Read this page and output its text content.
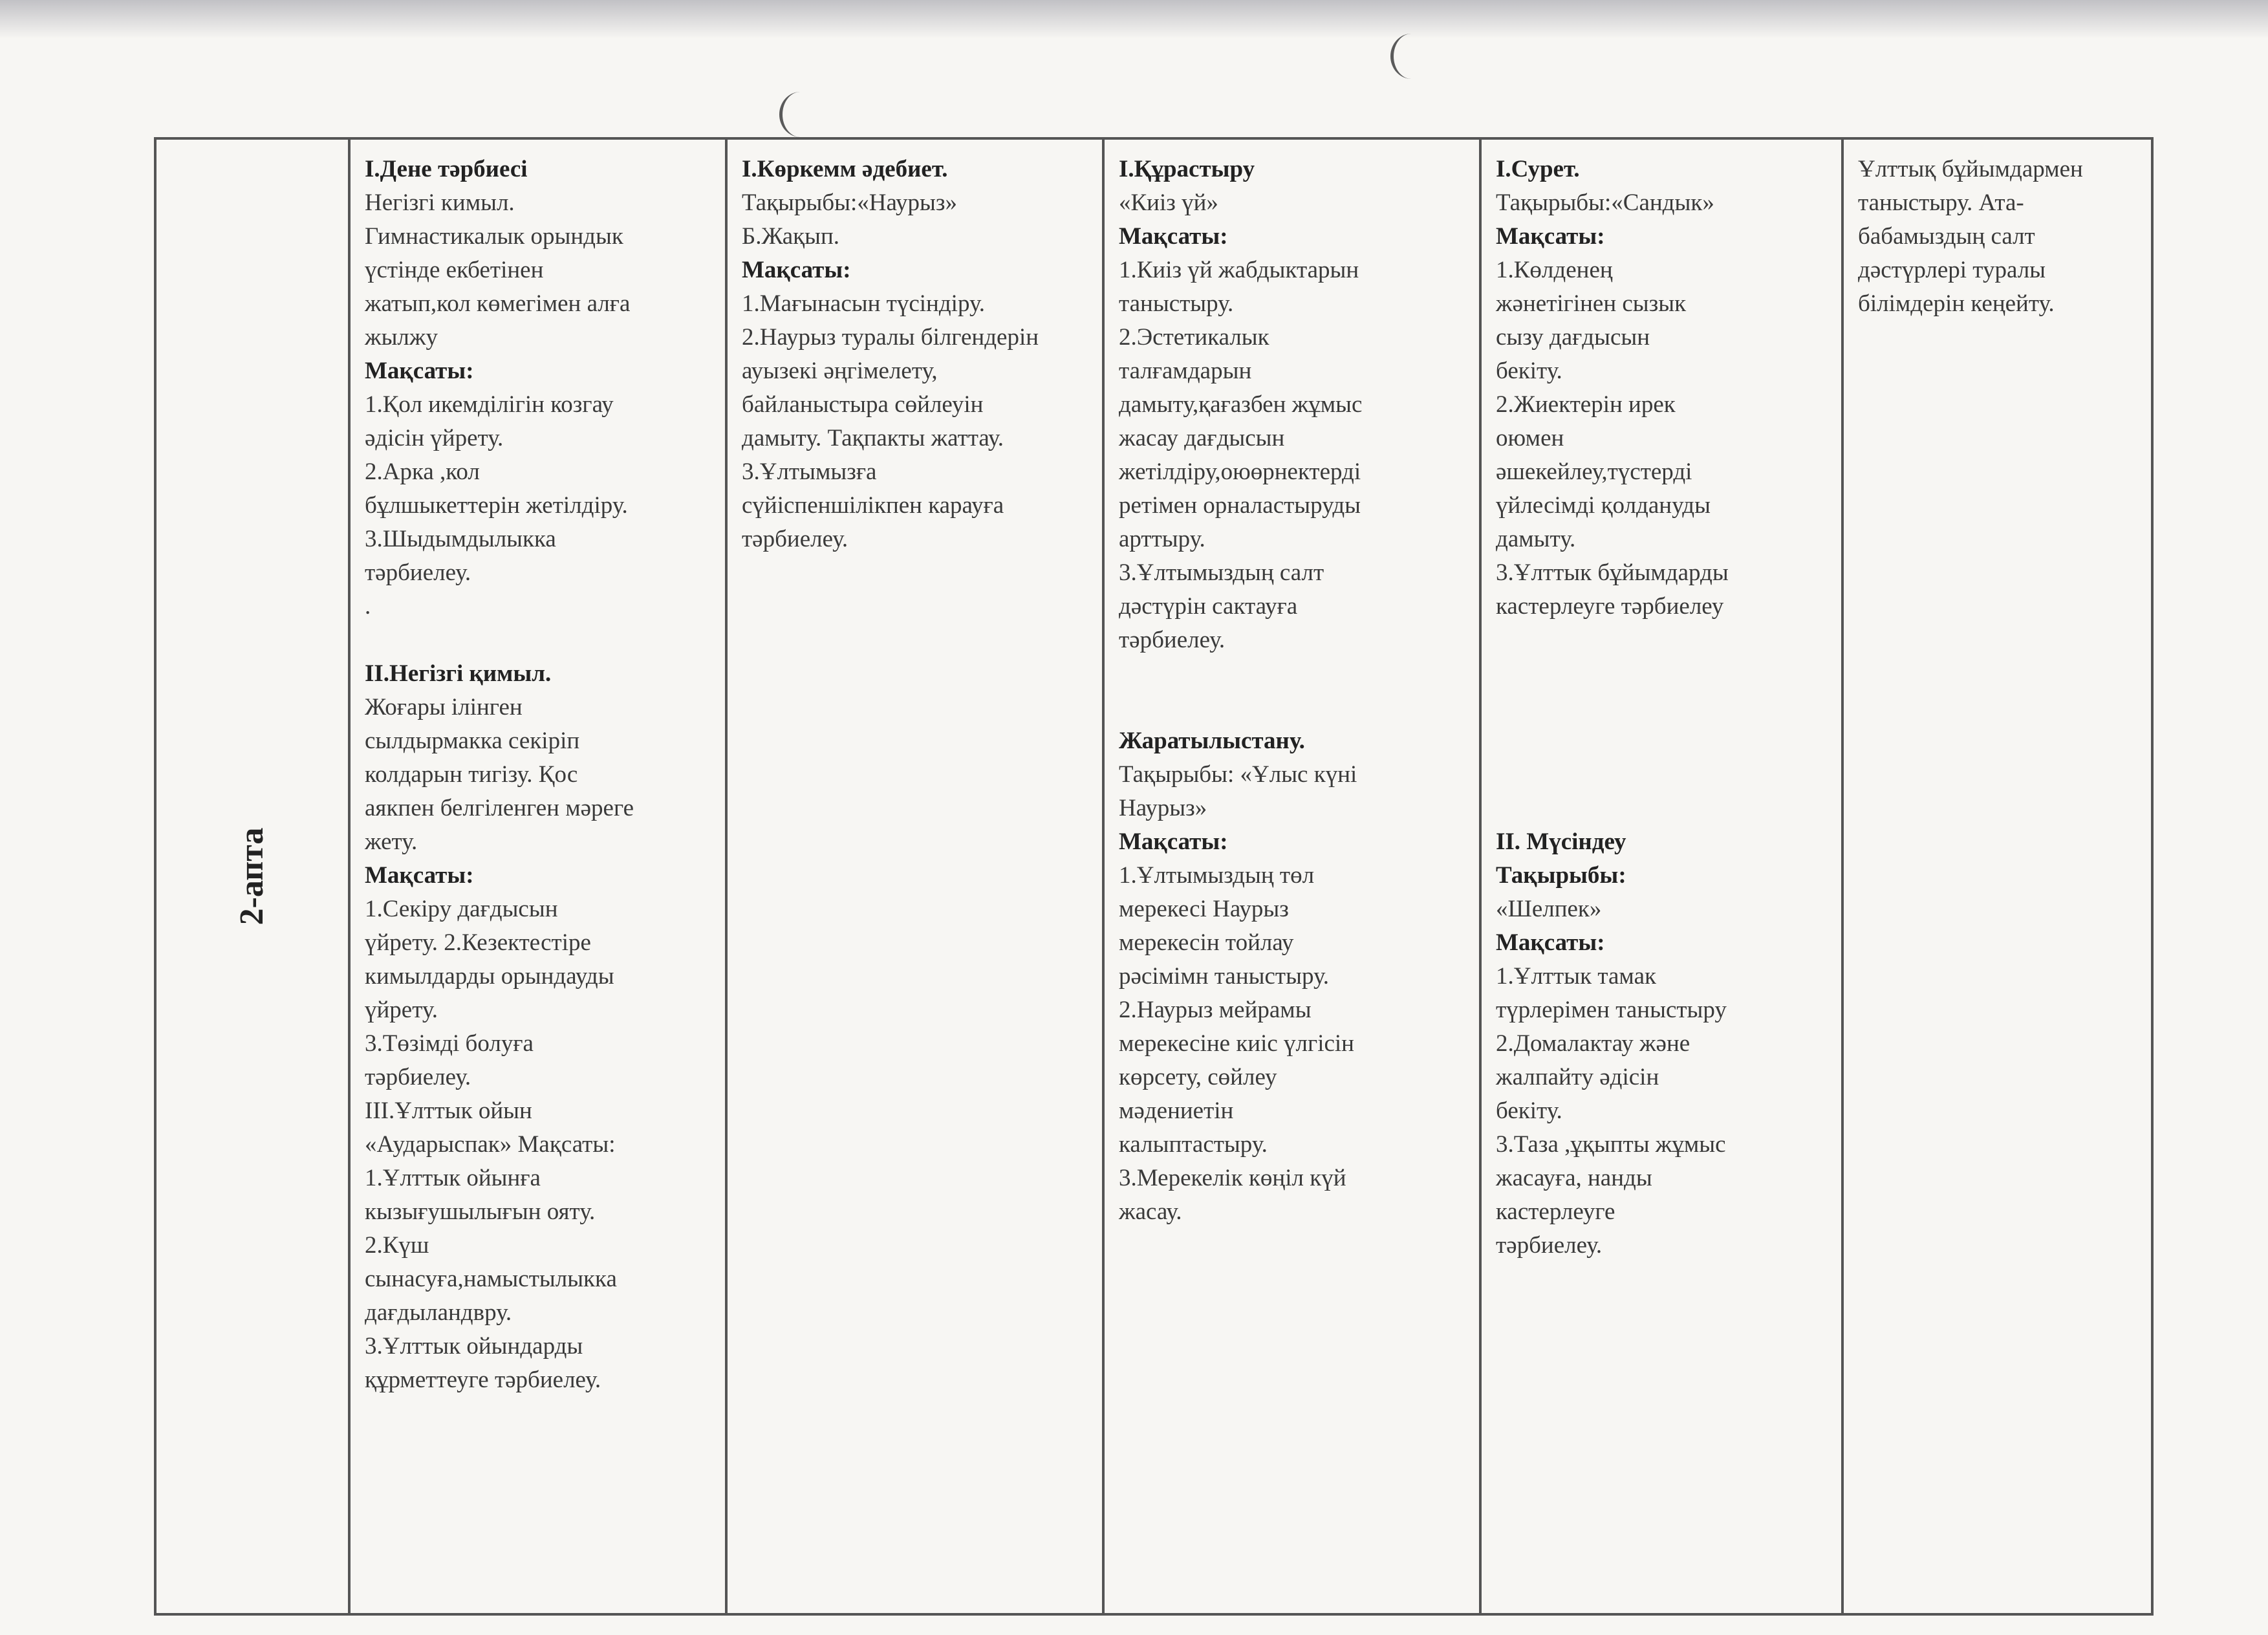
2-апта

І.Дене тәрбиесі
Негізгі кимыл.
Гимнастикалык орындык
үстінде екбетінен
жатып,кол көмегімен алға
жылжу
Мақсаты:
1.Қол икемділігін козгау
әдісін үйрету.
2.Арка ,кол
бұлшыкеттерін жетілдіру.
3.Шыдымдылыкка
тәрбиелеу.
.
ІІ.Негізгі қимыл.
Жоғары ілінген
сылдырмакка секіріп
колдарын тигізу. Қос
аякпен белгіленген мәреге
жету.
Мақсаты:
1.Секіру дағдысын
үйрету. 2.Кезектестіре
кимылдарды орындауды
үйрету.
3.Төзімді болуға
тәрбиелеу.
ІІІ.Ұлттык ойын
«Аударыспак» Мақсаты:
1.Ұлттык ойынға
кызығушылығын ояту.
2.Күш
сынасуға,намыстылыкка
дағдыландвру.
3.Ұлттык ойындарды
құрметтеуге тәрбиелеу.

І.Көркемм әдебиет.
Тақырыбы:«Наурыз»
Б.Жақып.
Мақсаты:
1.Мағынасын түсіндіру.
2.Наурыз туралы білгендерін
ауызекі әңгімелету,
байланыстыра сөйлеуін
дамыту. Тақпакты жаттау.
3.Ұлтымызға
сүйіспеншілікпен карауға
тәрбиелеу.

І.Құрастыру
«Киіз үй»
Мақсаты:
1.Киіз үй жабдыктарын
таныстыру.
2.Эстетикалык
талғамдарын
дамыту,қағазбен жұмыс
жасау дағдысын
жетілдіру,оюөрнектерді
ретімен орналастыруды
арттыру.
3.Ұлтымыздың салт
дәстүрін сактауға
тәрбиелеу.
Жаратылыстану.
Тақырыбы: «Ұлыс күні
Наурыз»
Мақсаты:
1.Ұлтымыздың төл
мерекесі Наурыз
мерекесін тойлау
рәсімімн таныстыру.
2.Наурыз мейрамы
мерекесіне киіс үлгісін
көрсету, сөйлеу
мәдениетін
калыптастыру.
3.Мерекелік көңіл күй
жасау.

І.Сурет.
Тақырыбы:«Сандык»
Мақсаты:
1.Көлденең
жәнетігінен сызык
сызу дағдысын
бекіту.
2.Жиектерін ирек
оюмен
әшекейлеу,түстерді
үйлесімді қолдануды
дамыту.
3.Ұлттык бұйымдарды
кастерлеуге тәрбиелеу
ІІ. Мүсіндеу
Тақырыбы:
«Шелпек»
Мақсаты:
1.Ұлттык тамак
түрлерімен таныстыру
2.Домалактау және
жалпайту әдісін
бекіту.
3.Таза ,ұқыпты жұмыс
жасауға, нанды
кастерлеуге
тәрбиелеу.

Ұлттық бұйымдармен
таныстыру. Ата-
бабамыздың салт
дәстүрлері туралы
білімдерін кеңейту.
